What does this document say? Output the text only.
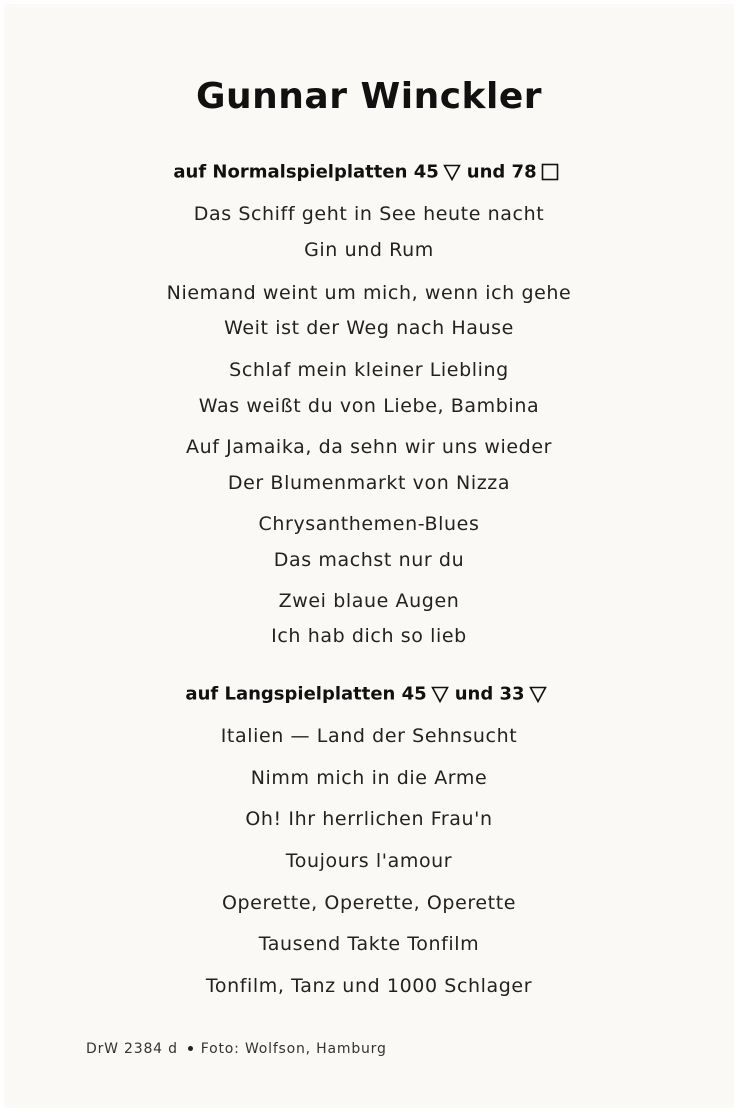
Gunnar Winckler
auf Normalspielplatten 45 und 78
Das Schiff geht in See heute nacht
Gin und Rum
Niemand weint um mich, wenn ich gehe
Weit ist der Weg nach Hause
Schlaf mein kleiner Liebling
Was weißt du von Liebe, Bambina
Auf Jamaika, da sehn wir uns wieder
Der Blumenmarkt von Nizza
Chrysanthemen-Blues
Das machst nur du
Zwei blaue Augen
Ich hab dich so lieb
auf Langspielplatten 45 und 33
Italien — Land der Sehnsucht
Nimm mich in die Arme
Oh! Ihr herrlichen Frau'n
Toujours l'amour
Operette, Operette, Operette
Tausend Takte Tonfilm
Tonfilm, Tanz und 1000 Schlager
DrW 2384 d Foto: Wolfson, Hamburg
